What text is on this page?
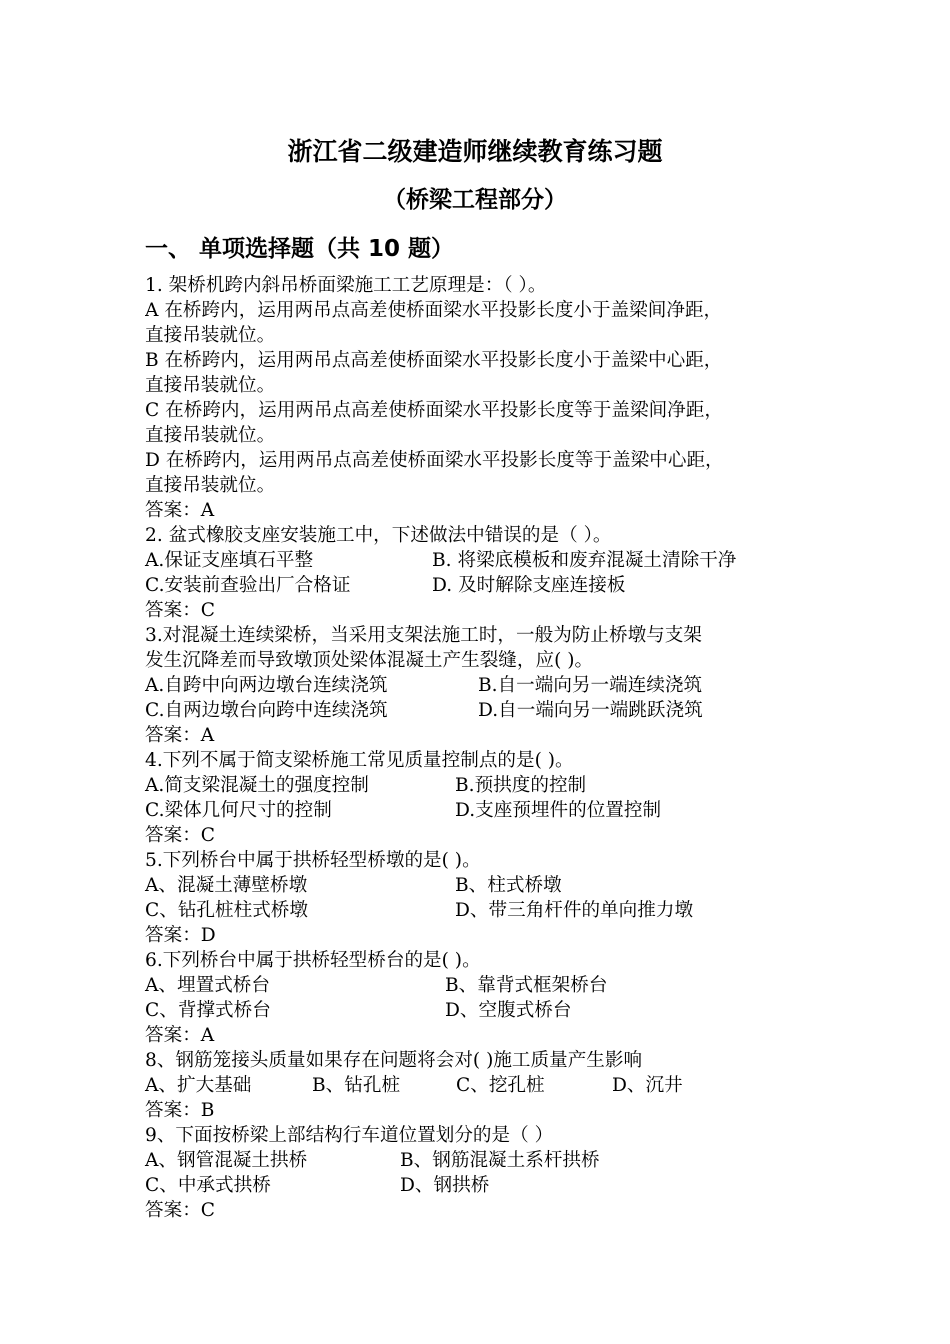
浙江省二级建造师继续教育练习题
（桥梁工程部分）
一、 单项选择题（共 10 题）
1. 架桥机跨内斜吊桥面梁施工工艺原理是：（ ）。
A 在桥跨内，运用两吊点高差使桥面梁水平投影长度小于盖梁间净距，
直接吊装就位。
B 在桥跨内，运用两吊点高差使桥面梁水平投影长度小于盖梁中心距，
直接吊装就位。
C 在桥跨内，运用两吊点高差使桥面梁水平投影长度等于盖梁间净距，
直接吊装就位。
D 在桥跨内，运用两吊点高差使桥面梁水平投影长度等于盖梁中心距，
直接吊装就位。
答案：A
2. 盆式橡胶支座安装施工中，下述做法中错误的是（ ）。
A.保证支座填石平整	B. 将梁底模板和废弃混凝土清除干净
C.安装前查验出厂合格证	D. 及时解除支座连接板
答案：C
3.对混凝土连续梁桥，当采用支架法施工时，一般为防止桥墩与支架
发生沉降差而导致墩顶处梁体混凝土产生裂缝，应( )。
A.自跨中向两边墩台连续浇筑	B.自一端向另一端连续浇筑
C.自两边墩台向跨中连续浇筑	D.自一端向另一端跳跃浇筑
答案：A
4.下列不属于简支梁桥施工常见质量控制点的是( )。
A.简支梁混凝土的强度控制	B.预拱度的控制
C.梁体几何尺寸的控制	D.支座预埋件的位置控制
答案：C
5.下列桥台中属于拱桥轻型桥墩的是( )。
A、混凝土薄壁桥墩	B、柱式桥墩
C、钻孔桩柱式桥墩	D、带三角杆件的单向推力墩
答案：D
6.下列桥台中属于拱桥轻型桥台的是( )。
A、埋置式桥台	B、靠背式框架桥台
C、背撑式桥台	D、空腹式桥台
答案：A
8、钢筋笼接头质量如果存在问题将会对( )施工质量产生影响
A、扩大基础	B、钻孔桩	C、挖孔桩	D、沉井
答案：B
9、下面按桥梁上部结构行车道位置划分的是（ ）
A、钢管混凝土拱桥	B、钢筋混凝土系杆拱桥
C、中承式拱桥	D、钢拱桥
答案：C
